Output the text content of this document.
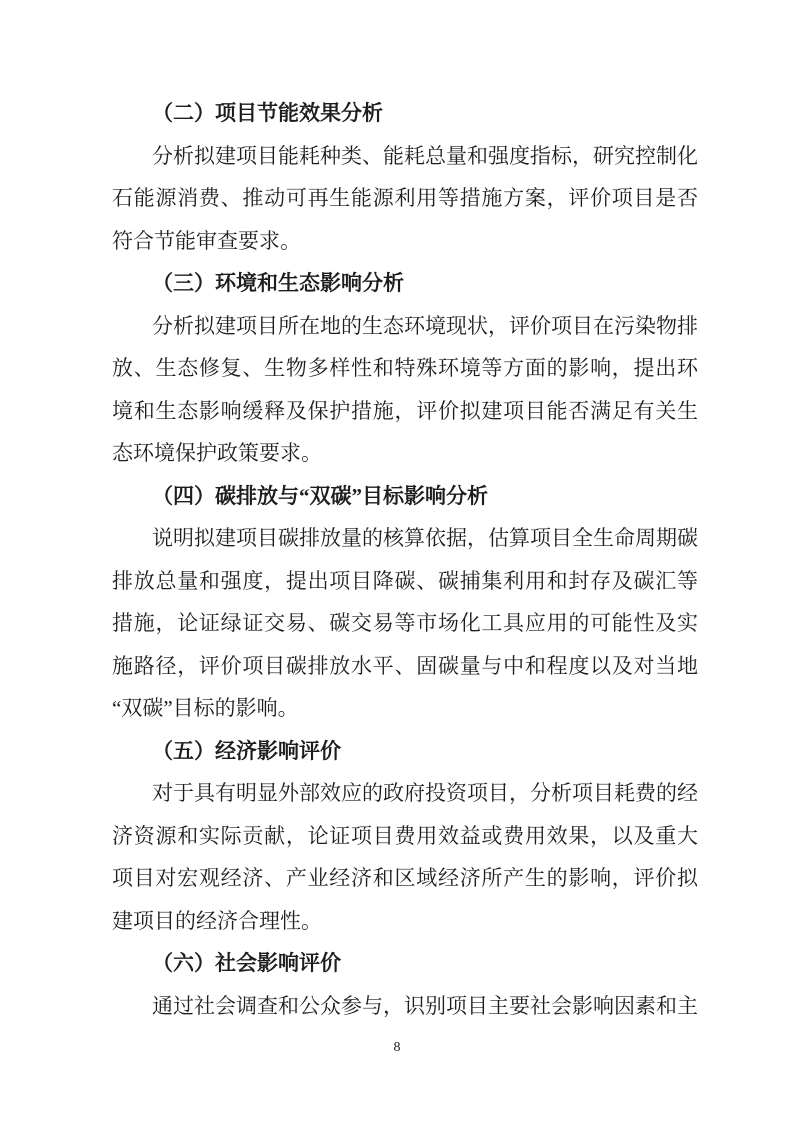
（二）项目节能效果分析

分析拟建项目能耗种类、能耗总量和强度指标，研究控制化石能源消费、推动可再生能源利用等措施方案，评价项目是否符合节能审查要求。

（三）环境和生态影响分析

分析拟建项目所在地的生态环境现状，评价项目在污染物排放、生态修复、生物多样性和特殊环境等方面的影响，提出环境和生态影响缓释及保护措施，评价拟建项目能否满足有关生态环境保护政策要求。

（四）碳排放与“双碳”目标影响分析

说明拟建项目碳排放量的核算依据，估算项目全生命周期碳排放总量和强度，提出项目降碳、碳捕集利用和封存及碳汇等措施，论证绿证交易、碳交易等市场化工具应用的可能性及实施路径，评价项目碳排放水平、固碳量与中和程度以及对当地“双碳”目标的影响。

（五）经济影响评价

对于具有明显外部效应的政府投资项目，分析项目耗费的经济资源和实际贡献，论证项目费用效益或费用效果，以及重大项目对宏观经济、产业经济和区域经济所产生的影响，评价拟建项目的经济合理性。

（六）社会影响评价

通过社会调查和公众参与，识别项目主要社会影响因素和主

8
